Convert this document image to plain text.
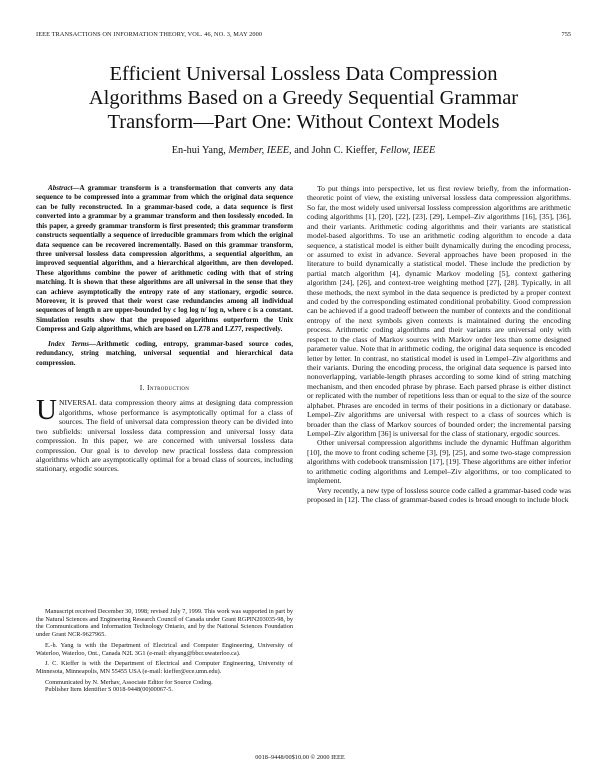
IEEE TRANSACTIONS ON INFORMATION THEORY, VOL. 46, NO. 3, MAY 2000	755
Efficient Universal Lossless Data Compression
Algorithms Based on a Greedy Sequential Grammar
Transform—Part One: Without Context Models
En-hui Yang, Member, IEEE, and John C. Kieffer, Fellow, IEEE

Abstract—A grammar transform is a transformation that converts any data sequence to be compressed into a grammar from which the original data sequence can be fully reconstructed. In a grammar-based code, a data sequence is first converted into a grammar by a grammar transform and then losslessly encoded. In this paper, a greedy grammar transform is first presented; this grammar transform constructs sequentially a sequence of irreducible grammars from which the original data sequence can be recovered incrementally. Based on this grammar transform, three universal lossless data compression algorithms, a sequential algorithm, an improved sequential algorithm, and a hierarchical algorithm, are then developed. These algorithms combine the power of arithmetic coding with that of string matching. It is shown that these algorithms are all universal in the sense that they can achieve asymptotically the entropy rate of any stationary, ergodic source. Moreover, it is proved that their worst case redundancies among all individual sequences of length n are upper-bounded by c log log n/ log n, where c is a constant. Simulation results show that the proposed algorithms outperform the Unix Compress and Gzip algorithms, which are based on LZ78 and LZ77, respectively.

Index Terms—Arithmetic coding, entropy, grammar-based source codes, redundancy, string matching, universal sequential and hierarchical data compression.

I. Introduction

UNIVERSAL data compression theory aims at designing data compression algorithms, whose performance is asymptotically optimal for a class of sources. The field of universal data compression theory can be divided into two subfields: universal lossless data compression and universal lossy data compression. In this paper, we are concerned with universal lossless data compression. Our goal is to develop new practical lossless data compression algorithms which are asymptotically optimal for a broad class of sources, including stationary, ergodic sources.

Manuscript received December 30, 1998; revised July 7, 1999. This work was supported in part by the Natural Sciences and Engineering Research Council of Canada under Grant RGPIN203035-98, by the Communications and Information Technology Ontario, and by the National Sciences Foundation under Grant NCR-9627965.

E.-h. Yang is with the Department of Electrical and Computer Engineering, University of Waterloo, Waterloo, Ont., Canada N2L 3G1 (e-mail: ehyang@bbcr.uwaterloo.ca).

J. C. Kieffer is with the Department of Electrical and Computer Engineering, University of Minnesota, Minneapolis, MN 55455 USA (e-mail: kieffer@ece.umn.edu).

Communicated by N. Merhav, Associate Editor for Source Coding.

Publisher Item Identifier S 0018-9448(00)00067-5.

To put things into perspective, let us first review briefly, from the information-theoretic point of view, the existing universal lossless data compression algorithms. So far, the most widely used universal lossless compression algorithms are arithmetic coding algorithms [1], [20], [22], [23], [29], Lempel–Ziv algorithms [16], [35], [36], and their variants. Arithmetic coding algorithms and their variants are statistical model-based algorithms. To use an arithmetic coding algorithm to encode a data sequence, a statistical model is either built dynamically during the encoding process, or assumed to exist in advance. Several approaches have been proposed in the literature to build dynamically a statistical model. These include the prediction by partial match algorithm [4], dynamic Markov modeling [5], context gathering algorithm [24], [26], and context-tree weighting method [27], [28]. Typically, in all these methods, the next symbol in the data sequence is predicted by a proper context and coded by the corresponding estimated conditional probability. Good compression can be achieved if a good tradeoff between the number of contexts and the conditional entropy of the next symbols given contexts is maintained during the encoding process. Arithmetic coding algorithms and their variants are universal only with respect to the class of Markov sources with Markov order less than some designed parameter value. Note that in arithmetic coding, the original data sequence is encoded letter by letter. In contrast, no statistical model is used in Lempel–Ziv algorithms and their variants. During the encoding process, the original data sequence is parsed into nonoverlapping, variable-length phrases according to some kind of string matching mechanism, and then encoded phrase by phrase. Each parsed phrase is either distinct or replicated with the number of repetitions less than or equal to the size of the source alphabet. Phrases are encoded in terms of their positions in a dictionary or database. Lempel–Ziv algorithms are universal with respect to a class of sources which is broader than the class of Markov sources of bounded order; the incremental parsing Lempel–Ziv algorithm [36] is universal for the class of stationary, ergodic sources.

Other universal compression algorithms include the dynamic Huffman algorithm [10], the move to front coding scheme [3], [9], [25], and some two-stage compression algorithms with codebook transmission [17], [19]. These algorithms are either inferior to arithmetic coding algorithms and Lempel–Ziv algorithms, or too complicated to implement.

Very recently, a new type of lossless source code called a grammar-based code was proposed in [12]. The class of grammar-based codes is broad enough to include block

0018–9448/00$10.00 © 2000 IEEE
